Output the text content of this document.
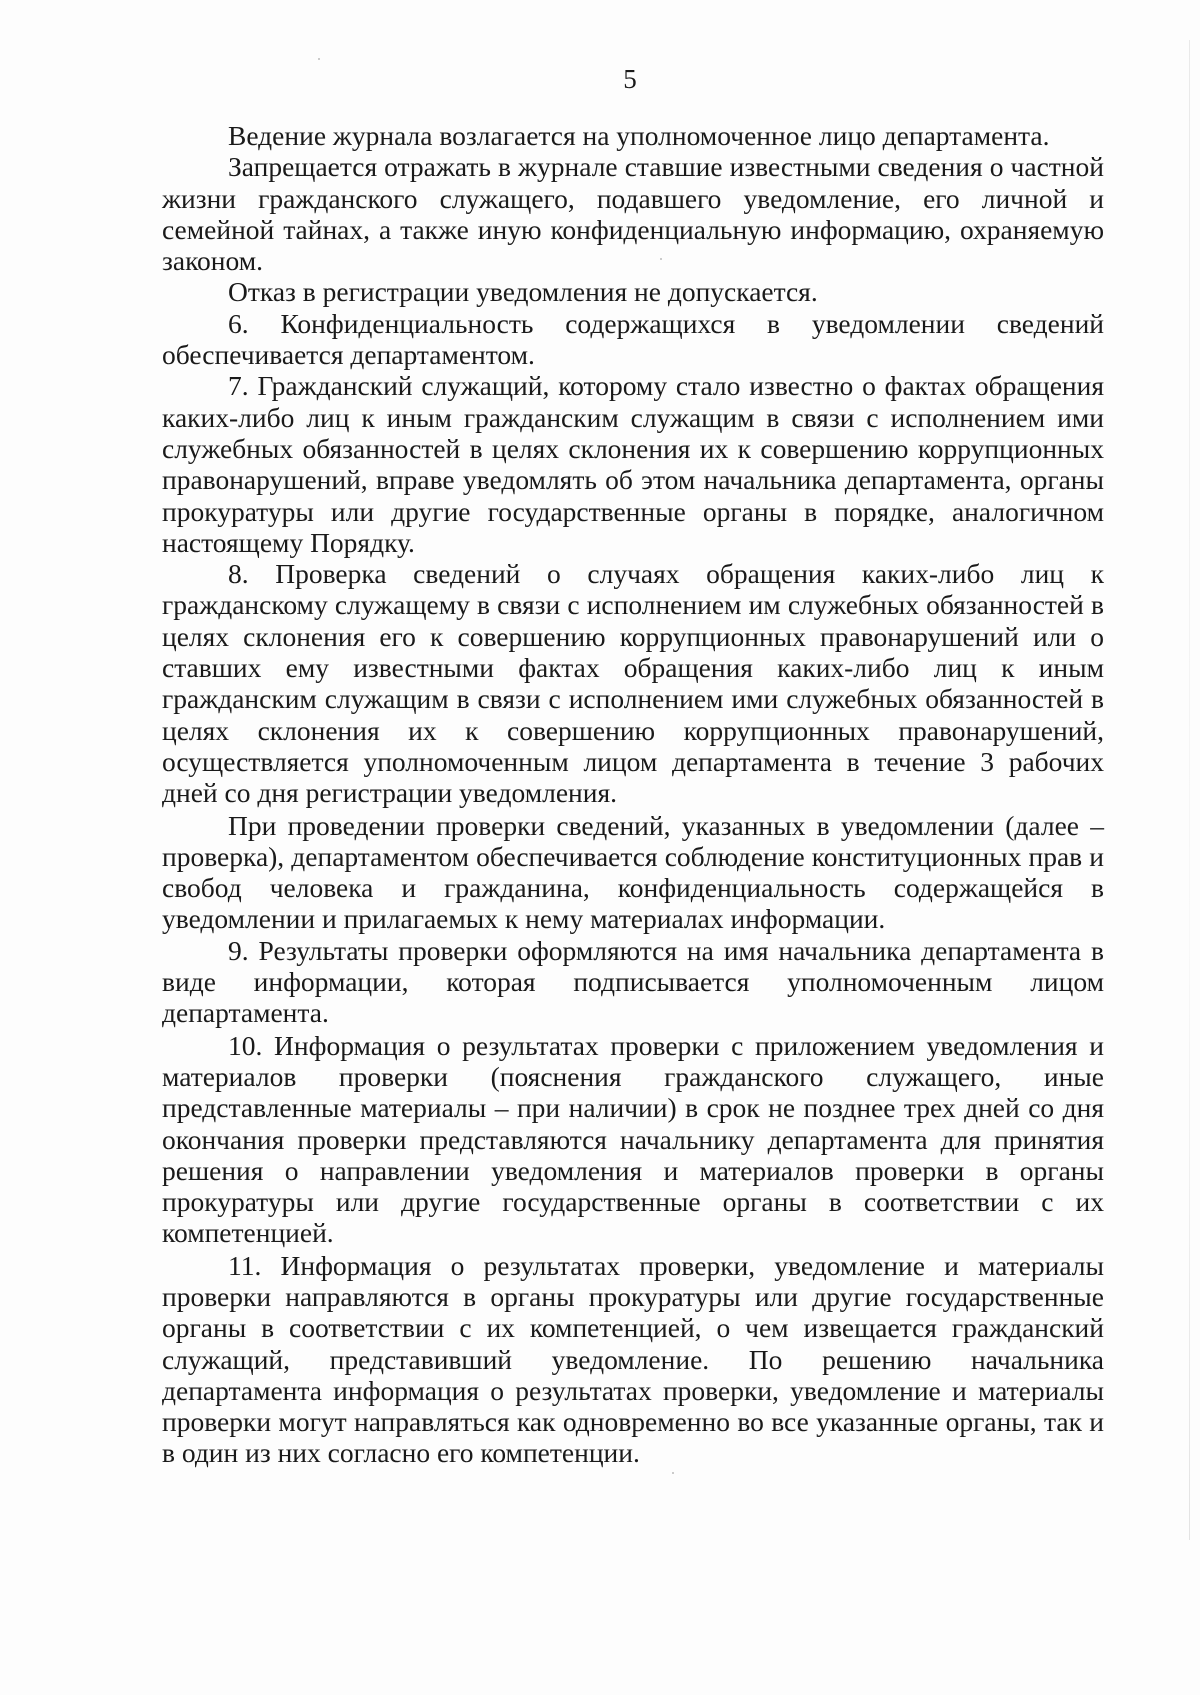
5

Ведение журнала возлагается на уполномоченное лицо департамента.

Запрещается отражать в журнале ставшие известными сведения о частной жизни гражданского служащего, подавшего уведомление, его личной и семейной тайнах, а также иную конфиденциальную информацию, охраняемую законом.

Отказ в регистрации уведомления не допускается.

6. Конфиденциальность содержащихся в уведомлении сведений обеспечивается департаментом.

7. Гражданский служащий, которому стало известно о фактах обращения каких-либо лиц к иным гражданским служащим в связи с исполнением ими служебных обязанностей в целях склонения их к совершению коррупционных правонарушений, вправе уведомлять об этом начальника департамента, органы прокуратуры или другие государственные органы в порядке, аналогичном настоящему Порядку.

8. Проверка сведений о случаях обращения каких-либо лиц к гражданскому служащему в связи с исполнением им служебных обязанностей в целях склонения его к совершению коррупционных правонарушений или о ставших ему известными фактах обращения каких-либо лиц к иным гражданским служащим в связи с исполнением ими служебных обязанностей в целях склонения их к совершению коррупционных правонарушений, осуществляется уполномоченным лицом департамента в течение 3 рабочих дней со дня регистрации уведомления.

При проведении проверки сведений, указанных в уведомлении (далее – проверка), департаментом обеспечивается соблюдение конституционных прав и свобод человека и гражданина, конфиденциальность содержащейся в уведомлении и прилагаемых к нему материалах информации.

9. Результаты проверки оформляются на имя начальника департамента в виде информации, которая подписывается уполномоченным лицом департамента.

10. Информация о результатах проверки с приложением уведомления и материалов проверки (пояснения гражданского служащего, иные представленные материалы – при наличии) в срок не позднее трех дней со дня окончания проверки представляются начальнику департамента для принятия решения о направлении уведомления и материалов проверки в органы прокуратуры или другие государственные органы в соответствии с их компетенцией.

11. Информация о результатах проверки, уведомление и материалы проверки направляются в органы прокуратуры или другие государственные органы в соответствии с их компетенцией, о чем извещается гражданский служащий, представивший уведомление. По решению начальника департамента информация о результатах проверки, уведомление и материалы проверки могут направляться как одновременно во все указанные органы, так и в один из них согласно его компетенции.
